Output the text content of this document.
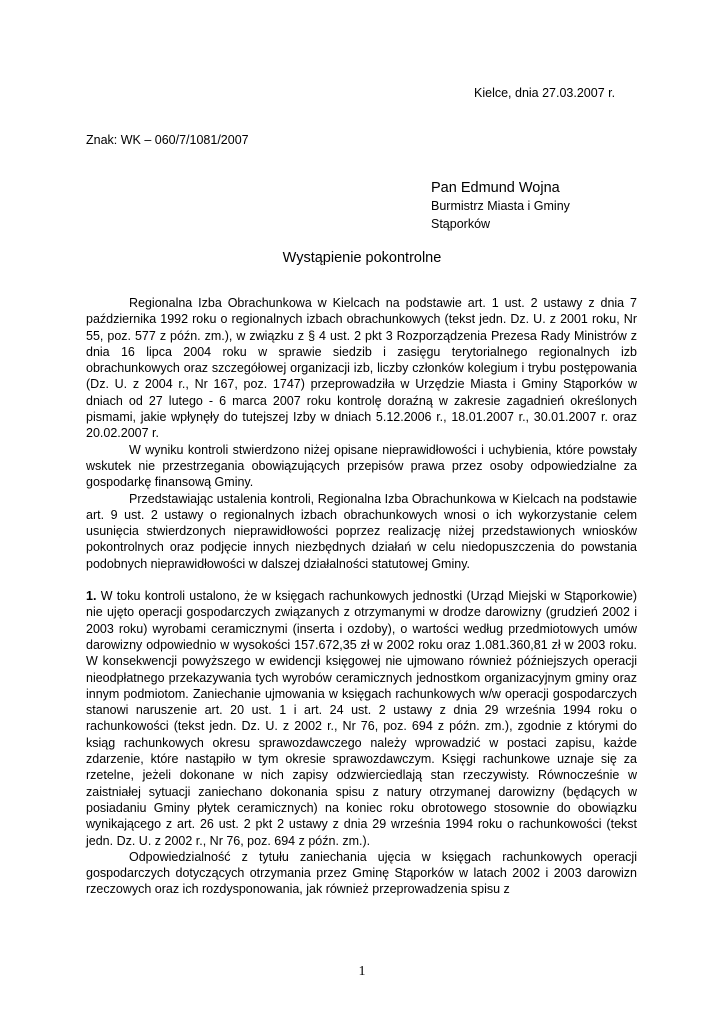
Kielce, dnia 27.03.2007 r.
Znak: WK – 060/7/1081/2007
Pan Edmund Wojna
Burmistrz Miasta i Gminy
Stąporków
Wystąpienie pokontrolne

Regionalna Izba Obrachunkowa w Kielcach na podstawie art. 1 ust. 2 ustawy z dnia 7 października 1992 roku o regionalnych izbach obrachunkowych (tekst jedn. Dz. U. z 2001 roku, Nr 55, poz. 577 z późn. zm.), w związku z § 4 ust. 2 pkt 3 Rozporządzenia Prezesa Rady Ministrów z dnia 16 lipca 2004 roku w sprawie siedzib i zasięgu terytorialnego regionalnych izb obrachunkowych oraz szczegółowej organizacji izb, liczby członków kolegium i trybu postępowania (Dz. U. z 2004 r., Nr 167, poz. 1747) przeprowadziła w Urzędzie Miasta i Gminy Stąporków w dniach od 27 lutego - 6 marca 2007 roku kontrolę doraźną w zakresie zagadnień określonych pismami, jakie wpłynęły do tutejszej Izby w dniach 5.12.2006 r., 18.01.2007 r., 30.01.2007 r. oraz 20.02.2007 r.

W wyniku kontroli stwierdzono niżej opisane nieprawidłowości i uchybienia, które powstały wskutek nie przestrzegania obowiązujących przepisów prawa przez osoby odpowiedzialne za gospodarkę finansową Gminy.

Przedstawiając ustalenia kontroli, Regionalna Izba Obrachunkowa w Kielcach na podstawie art. 9 ust. 2 ustawy o regionalnych izbach obrachunkowych wnosi o ich wykorzystanie celem usunięcia stwierdzonych nieprawidłowości poprzez realizację niżej przedstawionych wniosków pokontrolnych oraz podjęcie innych niezbędnych działań w celu niedopuszczenia do powstania podobnych nieprawidłowości w dalszej działalności statutowej Gminy.

1. W toku kontroli ustalono, że w księgach rachunkowych jednostki (Urząd Miejski w Stąporkowie) nie ujęto operacji gospodarczych związanych z otrzymanymi w drodze darowizny (grudzień 2002 i 2003 roku) wyrobami ceramicznymi (inserta i ozdoby), o wartości według przedmiotowych umów darowizny odpowiednio w wysokości 157.672,35 zł w 2002 roku oraz 1.081.360,81 zł w 2003 roku. W konsekwencji powyższego w ewidencji księgowej nie ujmowano również późniejszych operacji nieodpłatnego przekazywania tych wyrobów ceramicznych jednostkom organizacyjnym gminy oraz innym podmiotom. Zaniechanie ujmowania w księgach rachunkowych w/w operacji gospodarczych stanowi naruszenie art. 20 ust. 1 i art. 24 ust. 2 ustawy z dnia 29 września 1994 roku o rachunkowości (tekst jedn. Dz. U. z 2002 r., Nr 76, poz. 694 z późn. zm.), zgodnie z którymi do ksiąg rachunkowych okresu sprawozdawczego należy wprowadzić w postaci zapisu, każde zdarzenie, które nastąpiło w tym okresie sprawozdawczym. Księgi rachunkowe uznaje się za rzetelne, jeżeli dokonane w nich zapisy odzwierciedlają stan rzeczywisty. Równocześnie w zaistniałej sytuacji zaniechano dokonania spisu z natury otrzymanej darowizny (będących w posiadaniu Gminy płytek ceramicznych) na koniec roku obrotowego stosownie do obowiązku wynikającego z art. 26 ust. 2 pkt 2 ustawy z dnia 29 września 1994 roku o rachunkowości (tekst jedn. Dz. U. z 2002 r., Nr 76, poz. 694 z późn. zm.).

Odpowiedzialność z tytułu zaniechania ujęcia w księgach rachunkowych operacji gospodarczych dotyczących otrzymania przez Gminę Stąporków w latach 2002 i 2003 darowizn rzeczowych oraz ich rozdysponowania, jak również przeprowadzenia spisu z

1
